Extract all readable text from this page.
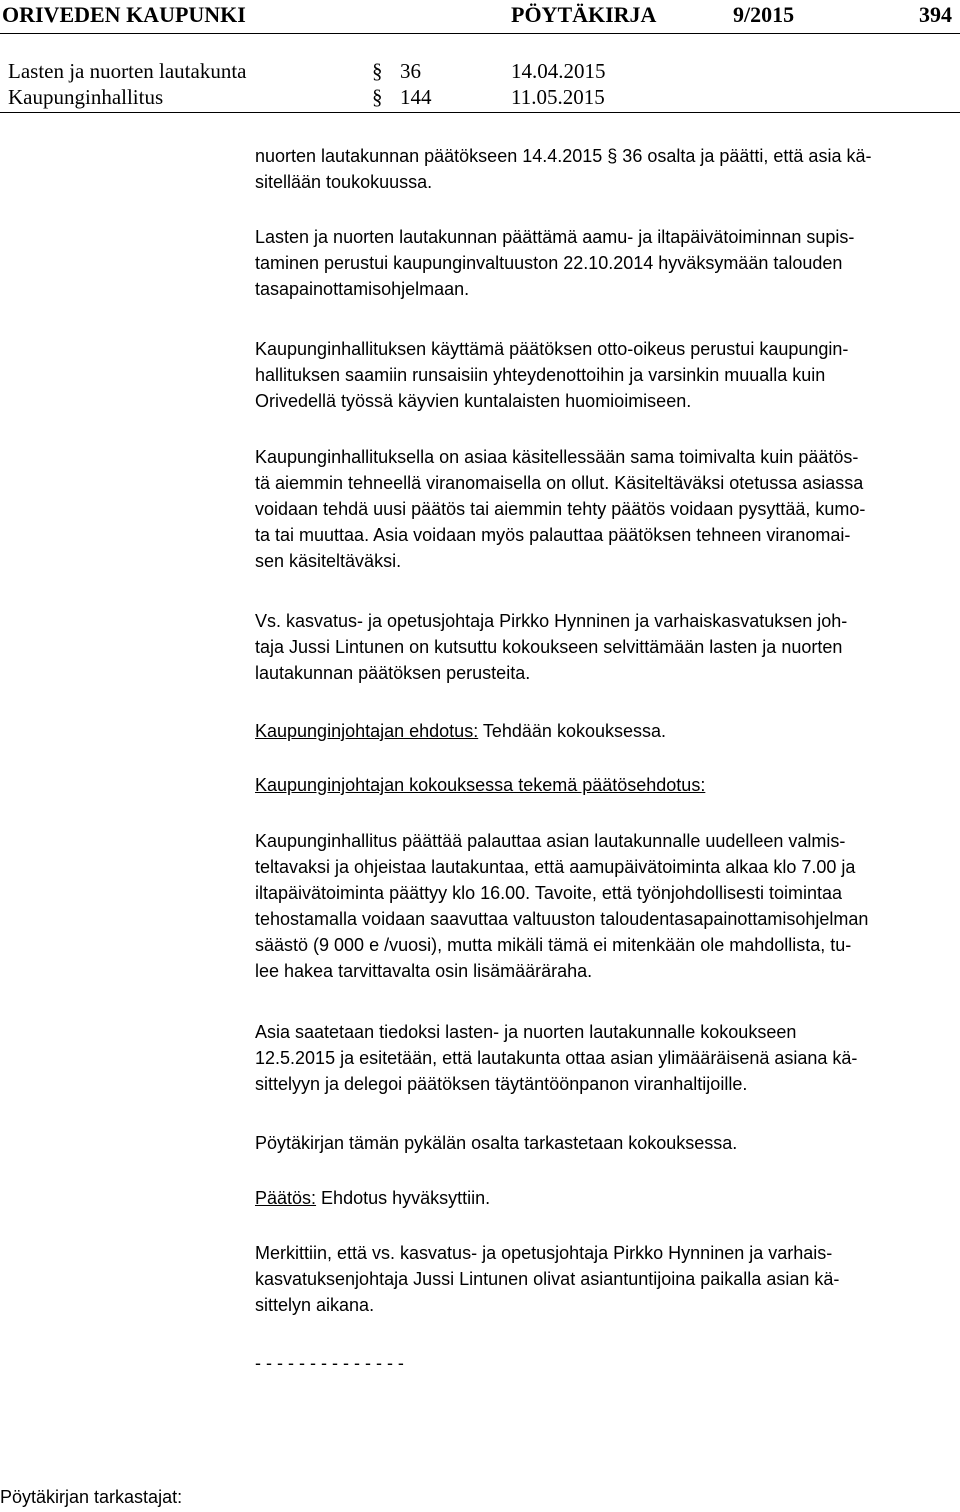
ORIVEDEN KAUPUNKI	PÖYTÄKIRJA	9/2015	394
Lasten ja nuorten lautakunta	§ 36	14.04.2015
Kaupunginhallitus	§ 144	11.05.2015

nuorten lautakunnan päätökseen 14.4.2015 § 36 osalta ja päätti, että asia kä-

sitellään toukokuussa.

Lasten ja nuorten lautakunnan päättämä aamu- ja iltapäivätoiminnan supis-

taminen perustui kaupunginvaltuuston 22.10.2014 hyväksymään talouden

tasapainottamisohjelmaan.

Kaupunginhallituksen käyttämä päätöksen otto-oikeus perustui kaupungin-

hallituksen saamiin runsaisiin yhteydenottoihin ja varsinkin muualla kuin

Orivedellä työssä käyvien kuntalaisten huomioimiseen.

Kaupunginhallituksella on asiaa käsitellessään sama toimivalta kuin päätös-

tä aiemmin tehneellä viranomaisella on ollut. Käsiteltäväksi otetussa asiassa

voidaan tehdä uusi päätös tai aiemmin tehty päätös voidaan pysyttää, kumo-

ta tai muuttaa. Asia voidaan myös palauttaa päätöksen tehneen viranomai-

sen käsiteltäväksi.

Vs. kasvatus- ja opetusjohtaja Pirkko Hynninen ja varhaiskasvatuksen joh-

taja Jussi Lintunen on kutsuttu kokoukseen selvittämään lasten ja nuorten

lautakunnan päätöksen perusteita.

Kaupunginjohtajan ehdotus: Tehdään kokouksessa.

Kaupunginjohtajan kokouksessa tekemä päätösehdotus:

Kaupunginhallitus päättää palauttaa asian lautakunnalle uudelleen valmis-

teltavaksi ja ohjeistaa lautakuntaa, että aamupäivätoiminta alkaa klo 7.00 ja

iltapäivätoiminta päättyy klo 16.00. Tavoite, että työnjohdollisesti toimintaa

tehostamalla voidaan saavuttaa valtuuston taloudentasapainottamisohjelman

säästö (9 000 e /vuosi), mutta mikäli tämä ei mitenkään ole mahdollista, tu-

lee hakea tarvittavalta osin lisämääräraha.

Asia saatetaan tiedoksi lasten- ja nuorten lautakunnalle kokoukseen

12.5.2015 ja esitetään, että lautakunta ottaa asian ylimääräisenä asiana kä-

sittelyyn ja delegoi päätöksen täytäntöönpanon viranhaltijoille.

Pöytäkirjan tämän pykälän osalta tarkastetaan kokouksessa.

Päätös: Ehdotus hyväksyttiin.

Merkittiin, että vs. kasvatus- ja opetusjohtaja Pirkko Hynninen ja varhais-

kasvatuksenjohtaja Jussi Lintunen olivat asiantuntijoina paikalla asian kä-

sittelyn aikana.

- - - - - - - - - - - - - -

Pöytäkirjan tarkastajat:
